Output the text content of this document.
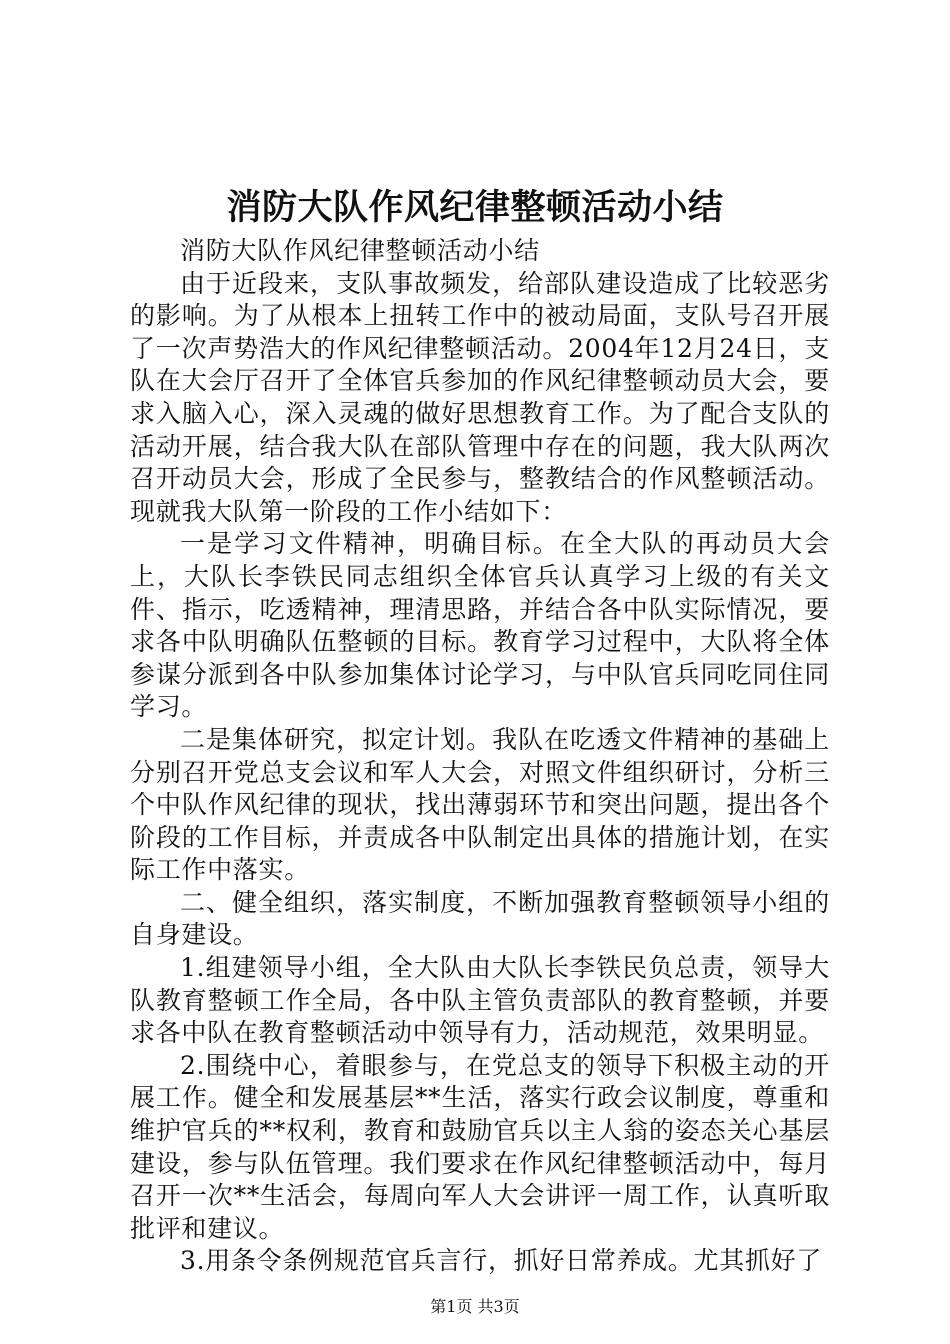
消防大队作风纪律整顿活动小结

消防大队作风纪律整顿活动小结

由于近段来，支队事故频发，给部队建设造成了比较恶劣的影响。为了从根本上扭转工作中的被动局面，支队号召开展了一次声势浩大的作风纪律整顿活动。2004年12月24日，支队在大会厅召开了全体官兵参加的作风纪律整顿动员大会，要求入脑入心，深入灵魂的做好思想教育工作。为了配合支队的活动开展，结合我大队在部队管理中存在的问题，我大队两次召开动员大会，形成了全民参与，整教结合的作风整顿活动。现就我大队第一阶段的工作小结如下：

一是学习文件精神，明确目标。在全大队的再动员大会上，大队长李铁民同志组织全体官兵认真学习上级的有关文件、指示，吃透精神，理清思路，并结合各中队实际情况，要求各中队明确队伍整顿的目标。教育学习过程中，大队将全体参谋分派到各中队参加集体讨论学习，与中队官兵同吃同住同学习。

二是集体研究，拟定计划。我队在吃透文件精神的基础上分别召开党总支会议和军人大会，对照文件组织研讨，分析三个中队作风纪律的现状，找出薄弱环节和突出问题，提出各个阶段的工作目标，并责成各中队制定出具体的措施计划，在实际工作中落实。

二、健全组织，落实制度，不断加强教育整顿领导小组的自身建设。

1.组建领导小组，全大队由大队长李铁民负总责，领导大队教育整顿工作全局，各中队主管负责部队的教育整顿，并要求各中队在教育整顿活动中领导有力，活动规范，效果明显。

2.围绕中心，着眼参与，在党总支的领导下积极主动的开展工作。健全和发展基层**生活，落实行政会议制度，尊重和维护官兵的**权利，教育和鼓励官兵以主人翁的姿态关心基层建设，参与队伍管理。我们要求在作风纪律整顿活动中，每月召开一次**生活会，每周向军人大会讲评一周工作，认真听取批评和建议。

3.用条令条例规范官兵言行，抓好日常养成。尤其抓好了

第1页 共3页
